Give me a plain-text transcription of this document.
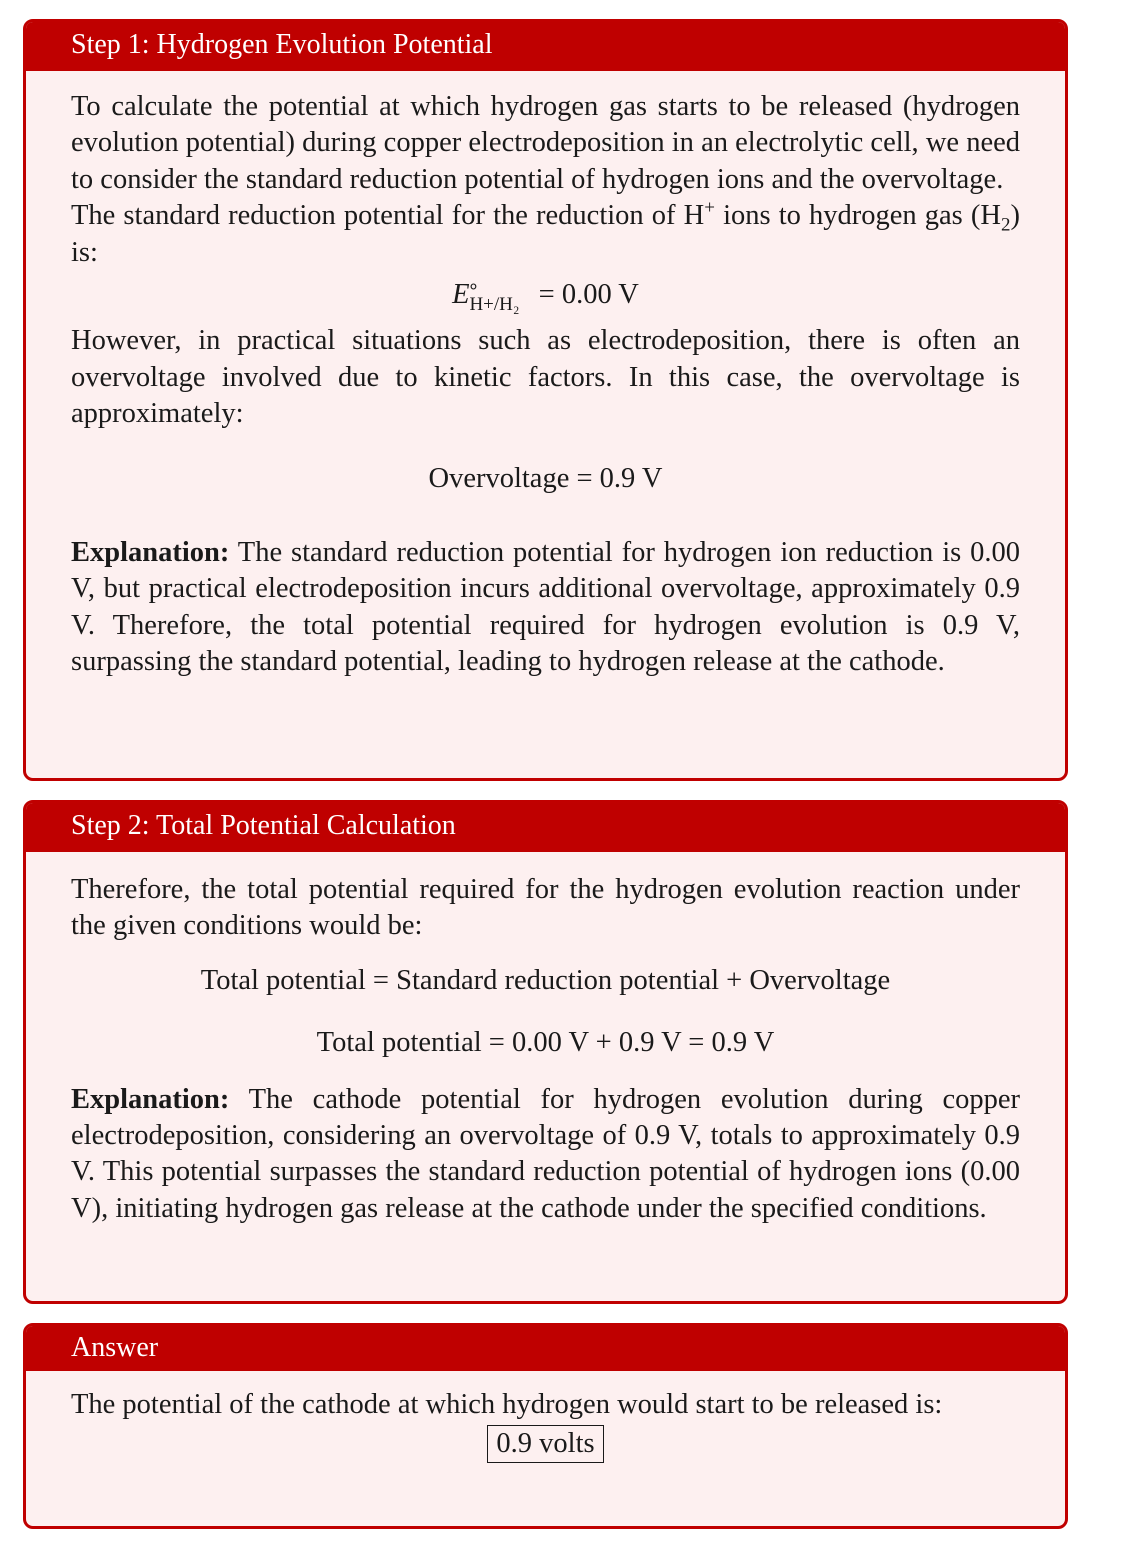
Step 1: Hydrogen Evolution Potential

To calculate the potential at which hydrogen gas starts to be released (hydrogen evolution potential) during copper electrodeposition in an electrolytic cell, we need to consider the standard reduction potential of hydrogen ions and the overvoltage.

The standard reduction potential for the reduction of H+ ions to hydrogen gas $(H_2)$ is:

$E^\circ_{H+/H_2} = 0.00$ V

However, in practical situations such as electrodeposition, there is often an overvoltage involved due to kinetic factors. In this case, the overvoltage is approximately:

Overvoltage = 0.9 V

Explanation: The standard reduction potential for hydrogen ion reduction is 0.00 V, but practical electrodeposition incurs additional overvoltage, approximately 0.9 V. Therefore, the total potential required for hydrogen evolution is 0.9 V, surpassing the standard potential, leading to hydrogen release at the cathode.

Step 2: Total Potential Calculation

Therefore, the total potential required for the hydrogen evolution reaction under the given conditions would be:

Total potential = Standard reduction potential + Overvoltage
Total potential = 0.00 V + 0.9 V = 0.9 V

Explanation: The cathode potential for hydrogen evolution during copper electrodeposition, considering an overvoltage of 0.9 V, totals to approximately 0.9 V. This potential surpasses the standard reduction potential of hydrogen ions (0.00 V), initiating hydrogen gas release at the cathode under the specified conditions.

Answer

The potential of the cathode at which hydrogen would start to be released is:

0.9 volts
